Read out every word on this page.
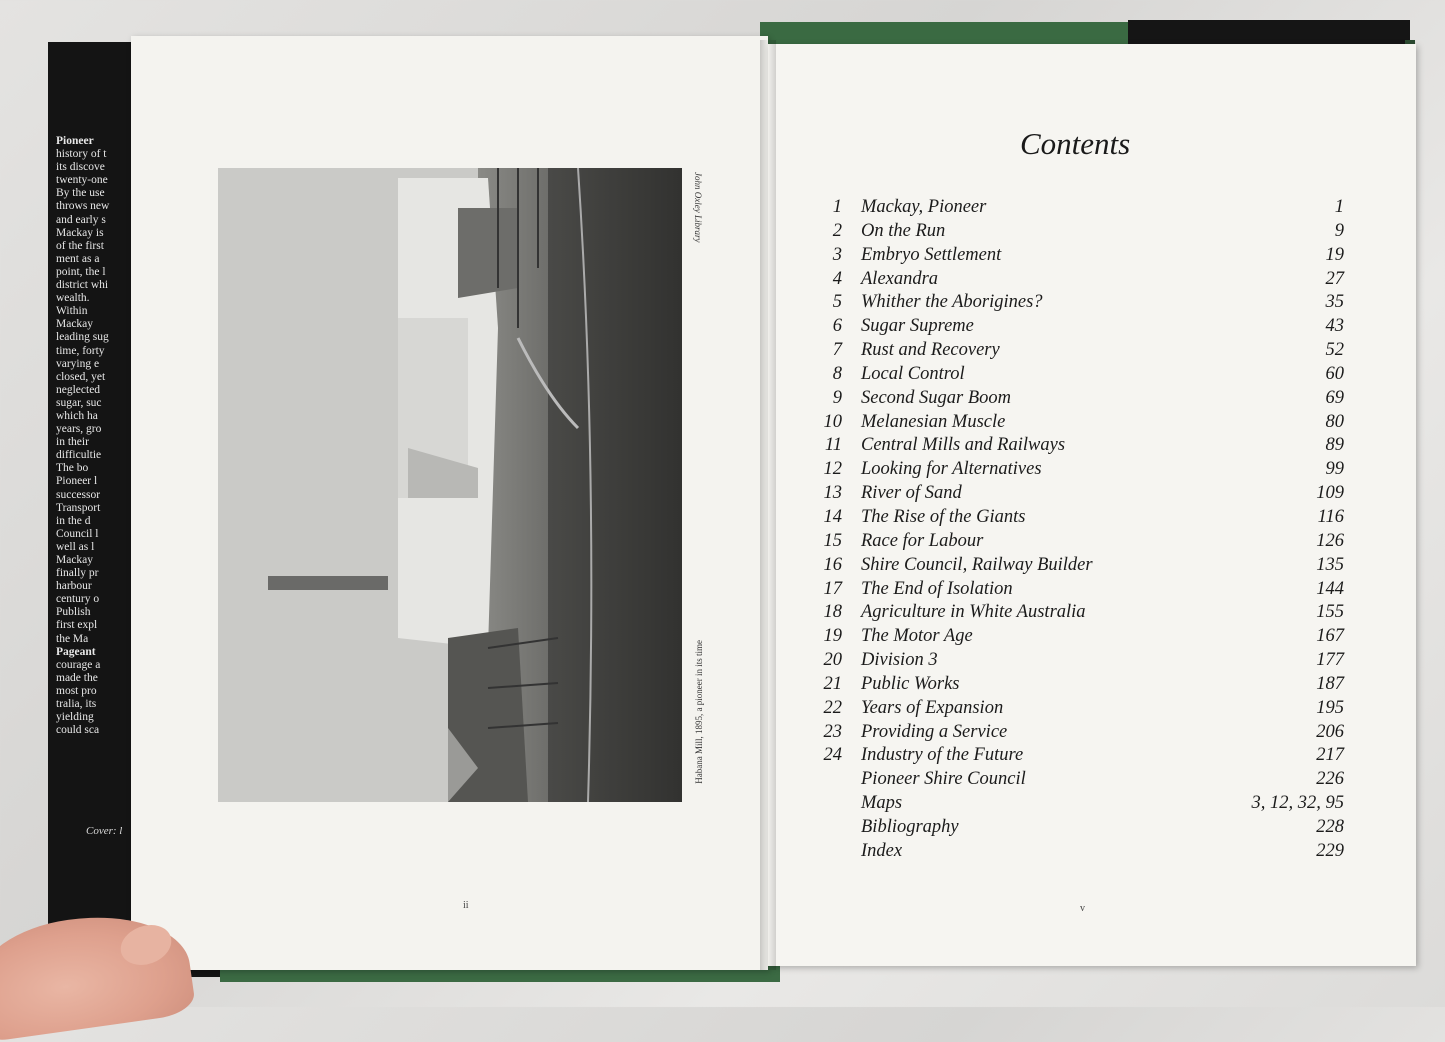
Pioneer
history of t
its discove
twenty-one
By the use
throws new
and early s
Mackay is
of the first
ment as a
point, the l
district whi
wealth.
Within
Mackay
leading sug
time, forty
varying e
closed, yet
neglected
sugar, suc
which ha
years, gro
in their
difficultie
The bo
Pioneer l
successor
Transport
in the d
Council l
well as l
Mackay
finally pr
harbour
century o
Publish
first expl
the Ma
Pageant
courage a
made the
most pro
tralia, its
yielding
could sca
Cover: l
John Oxley Library
Habana Mill, 1895, a pioneer in its time
ii
Contents
1 Mackay, Pioneer	1
2 On the Run	9
3 Embryo Settlement	19
4 Alexandra	27
5 Whither the Aborigines?	35
6 Sugar Supreme	43
7 Rust and Recovery	52
8 Local Control	60
9 Second Sugar Boom	69
10 Melanesian Muscle	80
11 Central Mills and Railways	89
12 Looking for Alternatives	99
13 River of Sand	109
14 The Rise of the Giants	116
15 Race for Labour	126
16 Shire Council, Railway Builder	135
17 The End of Isolation	144
18 Agriculture in White Australia	155
19 The Motor Age	167
20 Division 3	177
21 Public Works	187
22 Years of Expansion	195
23 Providing a Service	206
24 Industry of the Future	217
Pioneer Shire Council	226
Maps	3, 12, 32, 95
Bibliography	228
Index	229
v
